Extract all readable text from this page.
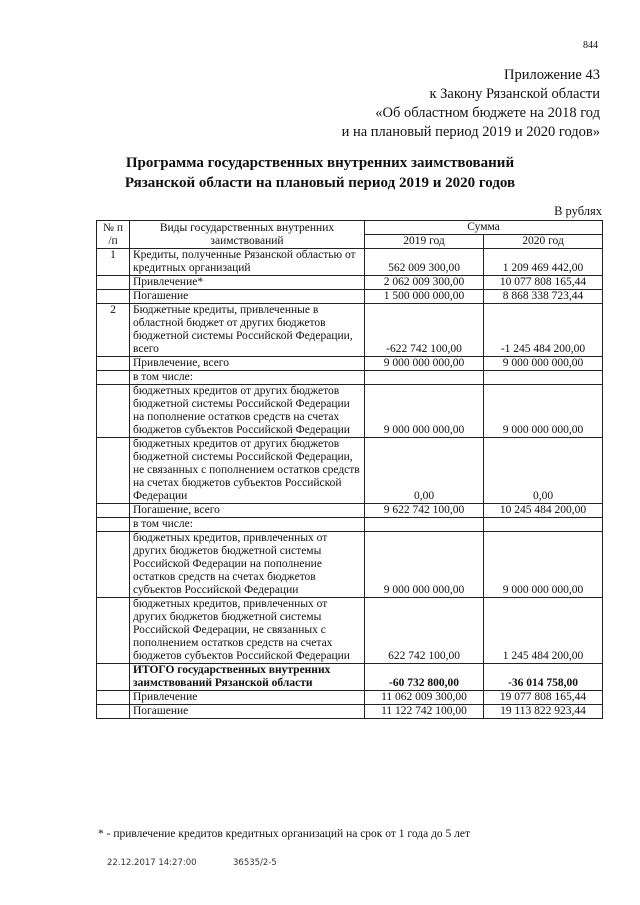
844
Приложение 43
к Закону Рязанской области
«Об областном бюджете на 2018 год
и на плановый период 2019 и 2020 годов»
Программа государственных внутренних заимствований
Рязанской области на плановый период 2019 и 2020 годов
В рублях
№ п /п	Виды государственных внутренних заимствований	Сумма	
		2019 год	2020 год
1	Кредиты, полученные Рязанской областью от кредитных организаций	562 009 300,00	1 209 469 442,00
	Привлечение*	2 062 009 300,00	10 077 808 165,44
	Погашение	1 500 000 000,00	8 868 338 723,44
2	Бюджетные кредиты, привлеченные в областной бюджет от других бюджетов бюджетной системы Российской Федерации, всего	-622 742 100,00	-1 245 484 200,00
	Привлечение, всего	9 000 000 000,00	9 000 000 000,00
	в том числе:		
	бюджетных кредитов от других бюджетов бюджетной системы Российской Федерации на пополнение остатков средств на счетах бюджетов субъектов Российской Федерации	9 000 000 000,00	9 000 000 000,00
	бюджетных кредитов от других бюджетов бюджетной системы Российской Федерации, не связанных с пополнением остатков средств на счетах бюджетов субъектов Российской Федерации	0,00	0,00
	Погашение, всего	9 622 742 100,00	10 245 484 200,00
	в том числе:		
	бюджетных кредитов, привлеченных от других бюджетов бюджетной системы Российской Федерации на пополнение остатков средств на счетах бюджетов субъектов Российской Федерации	9 000 000 000,00	9 000 000 000,00
	бюджетных кредитов, привлеченных от других бюджетов бюджетной системы Российской Федерации, не связанных с пополнением остатков средств на счетах бюджетов субъектов Российской Федерации	622 742 100,00	1 245 484 200,00
	ИТОГО государственных внутренних заимствований Рязанской области	-60 732 800,00	-36 014 758,00
	Привлечение	11 062 009 300,00	19 077 808 165,44
	Погашение	11 122 742 100,00	19 113 822 923,44
* - привлечение кредитов кредитных организаций на срок от 1 года до 5 лет
22.12.2017 14:27:00	36535/2-5
